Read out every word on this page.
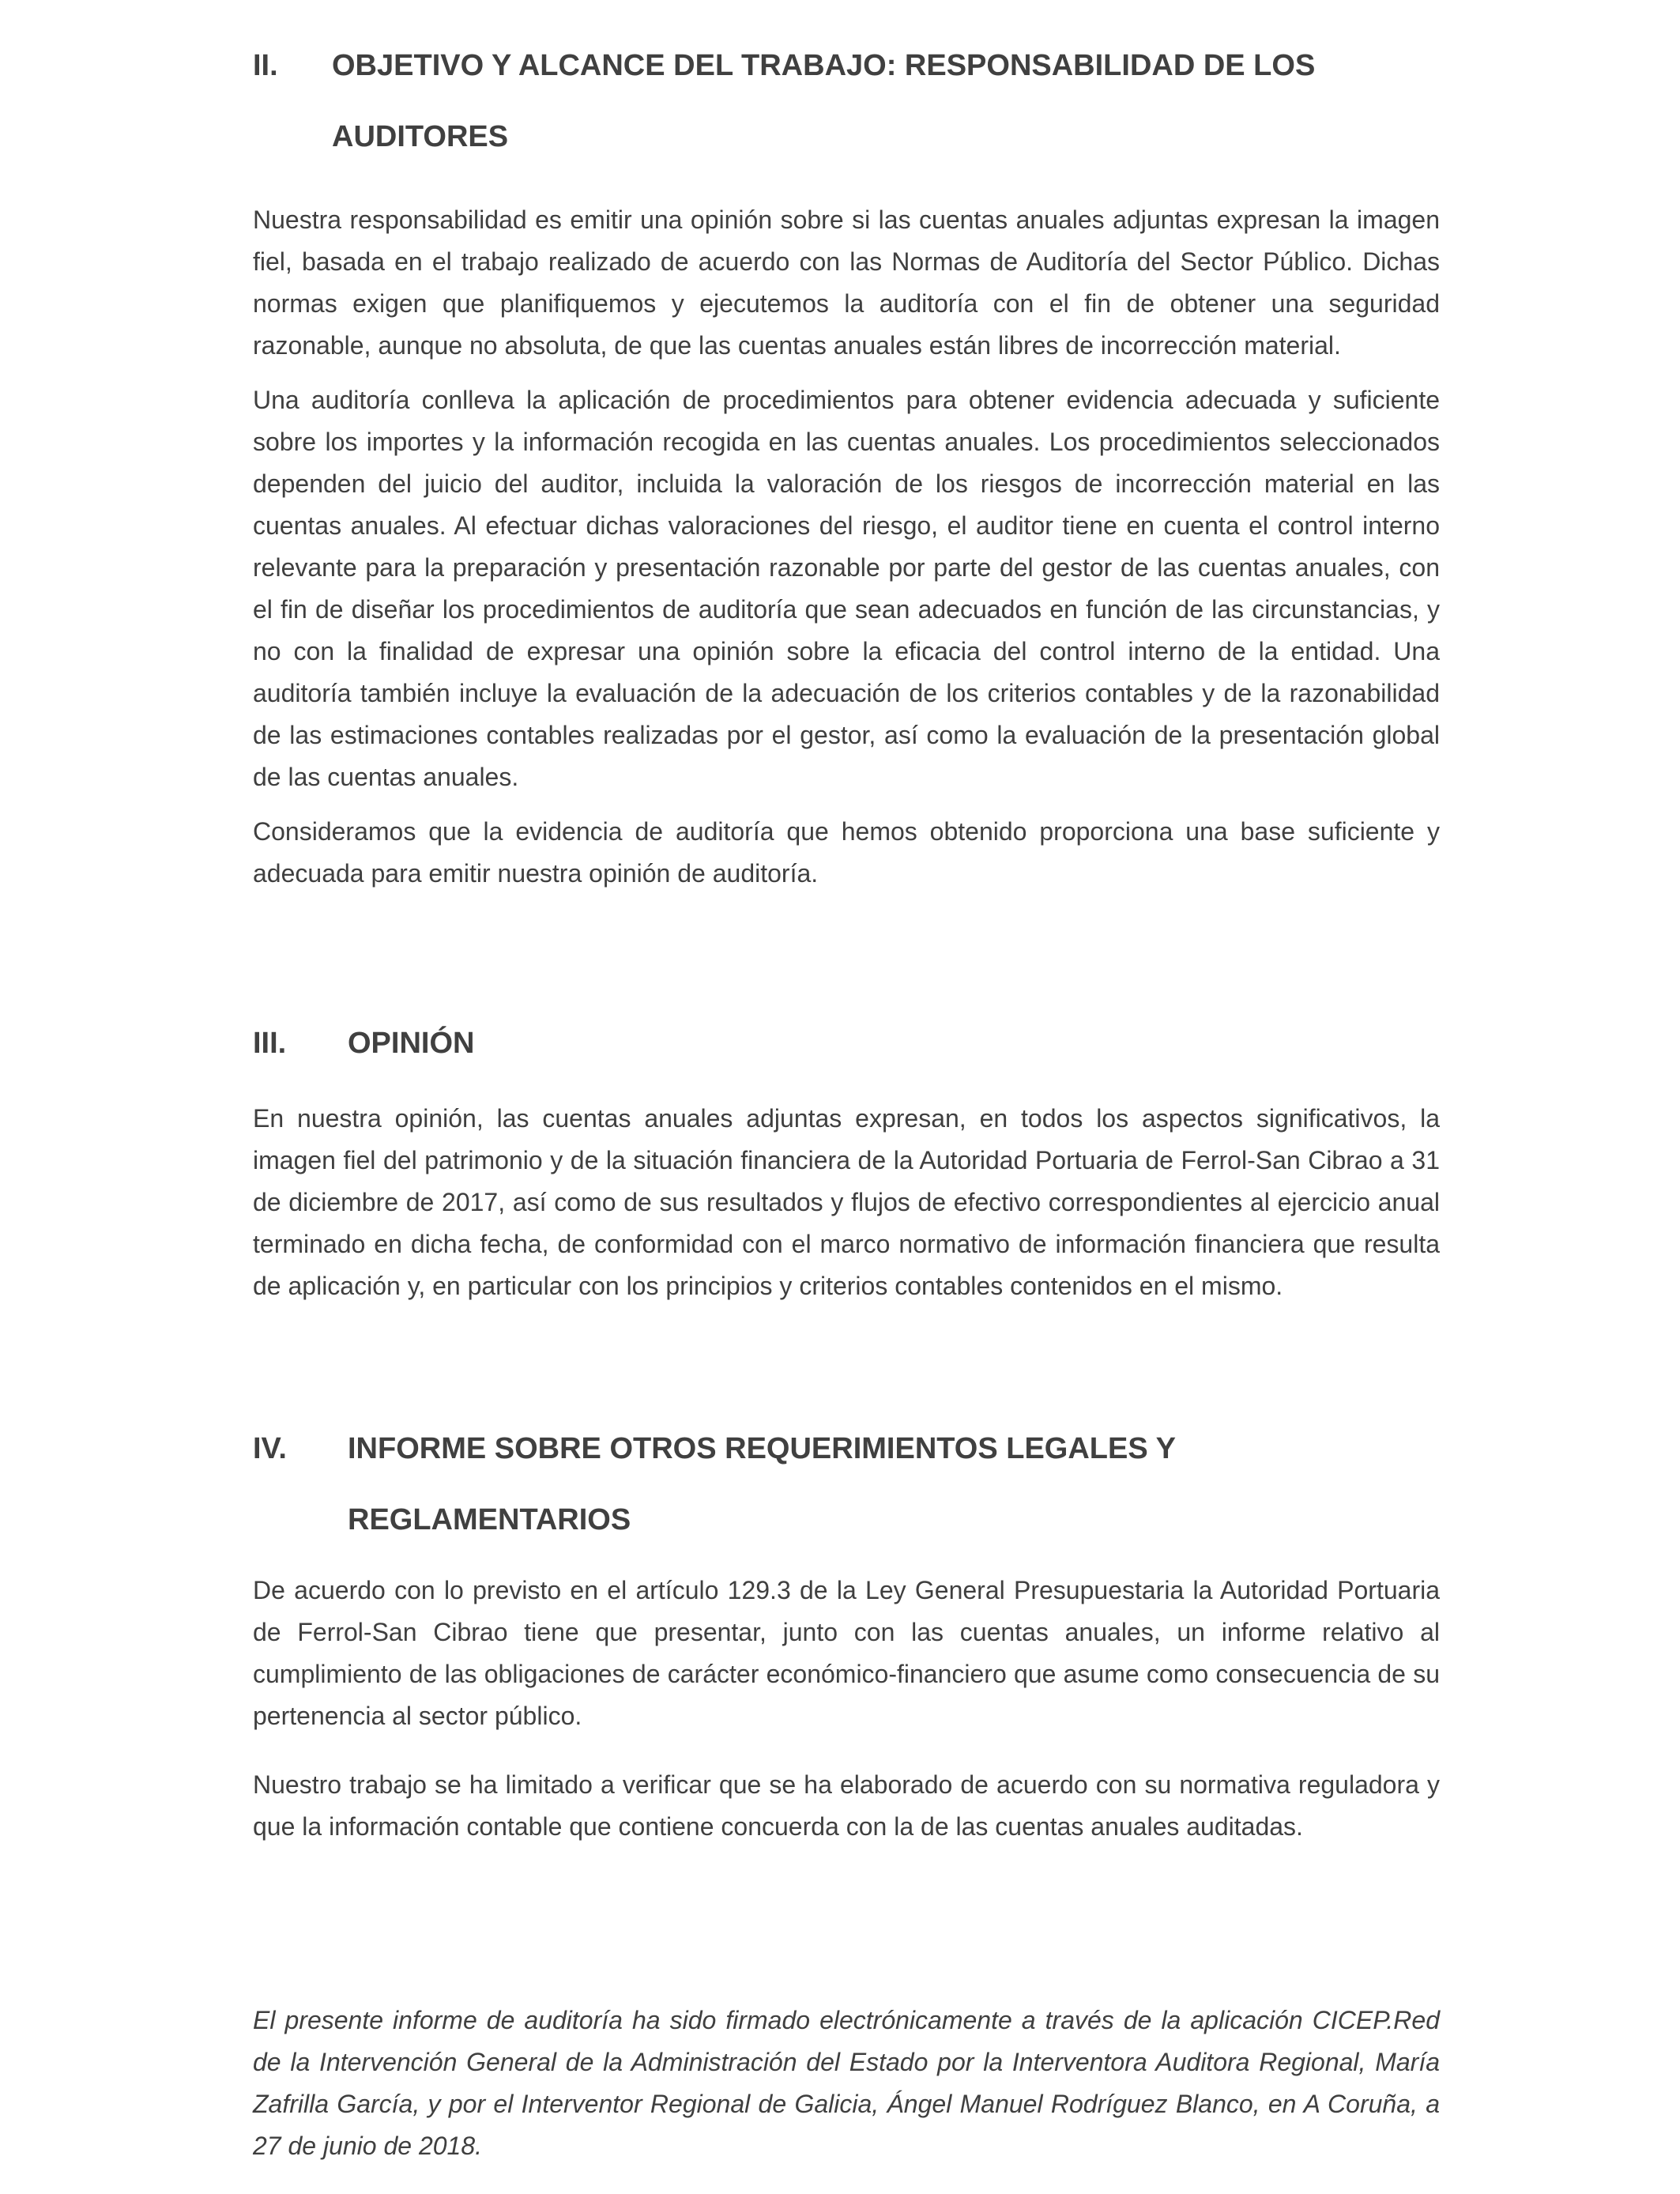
II.	OBJETIVO Y ALCANCE DEL TRABAJO: RESPONSABILIDAD DE LOS
AUDITORES

Nuestra responsabilidad es emitir una opinión sobre si las cuentas anuales adjuntas expresan la imagen fiel, basada en el trabajo realizado de acuerdo con las Normas de Auditoría del Sector Público. Dichas normas exigen que planifiquemos y ejecutemos la auditoría con el fin de obtener una seguridad razonable, aunque no absoluta, de que las cuentas anuales están libres de incorrección material.

Una auditoría conlleva la aplicación de procedimientos para obtener evidencia adecuada y suficiente sobre los importes y la información recogida en las cuentas anuales. Los procedimientos seleccionados dependen del juicio del auditor, incluida la valoración de los riesgos de incorrección material en las cuentas anuales. Al efectuar dichas valoraciones del riesgo, el auditor tiene en cuenta el control interno relevante para la preparación y presentación razonable por parte del gestor de las cuentas anuales, con el fin de diseñar los procedimientos de auditoría que sean adecuados en función de las circunstancias, y no con la finalidad de expresar una opinión sobre la eficacia del control interno de la entidad. Una auditoría también incluye la evaluación de la adecuación de los criterios contables y de la razonabilidad de las estimaciones contables realizadas por el gestor, así como la evaluación de la presentación global de las cuentas anuales.

Consideramos que la evidencia de auditoría que hemos obtenido proporciona una base suficiente y adecuada para emitir nuestra opinión de auditoría.

III.	OPINIÓN

En nuestra opinión, las cuentas anuales adjuntas expresan, en todos los aspectos significativos, la imagen fiel del patrimonio y de la situación financiera de la Autoridad Portuaria de Ferrol-San Cibrao a 31 de diciembre de 2017, así como de sus resultados y flujos de efectivo correspondientes al ejercicio anual terminado en dicha fecha, de conformidad con el marco normativo de información financiera que resulta de aplicación y, en particular con los principios y criterios contables contenidos en el mismo.

IV.	INFORME SOBRE OTROS REQUERIMIENTOS LEGALES Y
REGLAMENTARIOS

De acuerdo con lo previsto en el artículo 129.3 de la Ley General Presupuestaria la Autoridad Portuaria de Ferrol-San Cibrao tiene que presentar, junto con las cuentas anuales, un informe relativo al cumplimiento de las obligaciones de carácter económico-financiero que asume como consecuencia de su pertenencia al sector público.

Nuestro trabajo se ha limitado a verificar que se ha elaborado de acuerdo con su normativa reguladora y que la información contable que contiene concuerda con la de las cuentas anuales auditadas.

El presente informe de auditoría ha sido firmado electrónicamente a través de la aplicación CICEP.Red de la Intervención General de la Administración del Estado por la Interventora Auditora Regional, María Zafrilla García, y por el Interventor Regional de Galicia, Ángel Manuel Rodríguez Blanco, en A Coruña, a 27 de junio de 2018.
